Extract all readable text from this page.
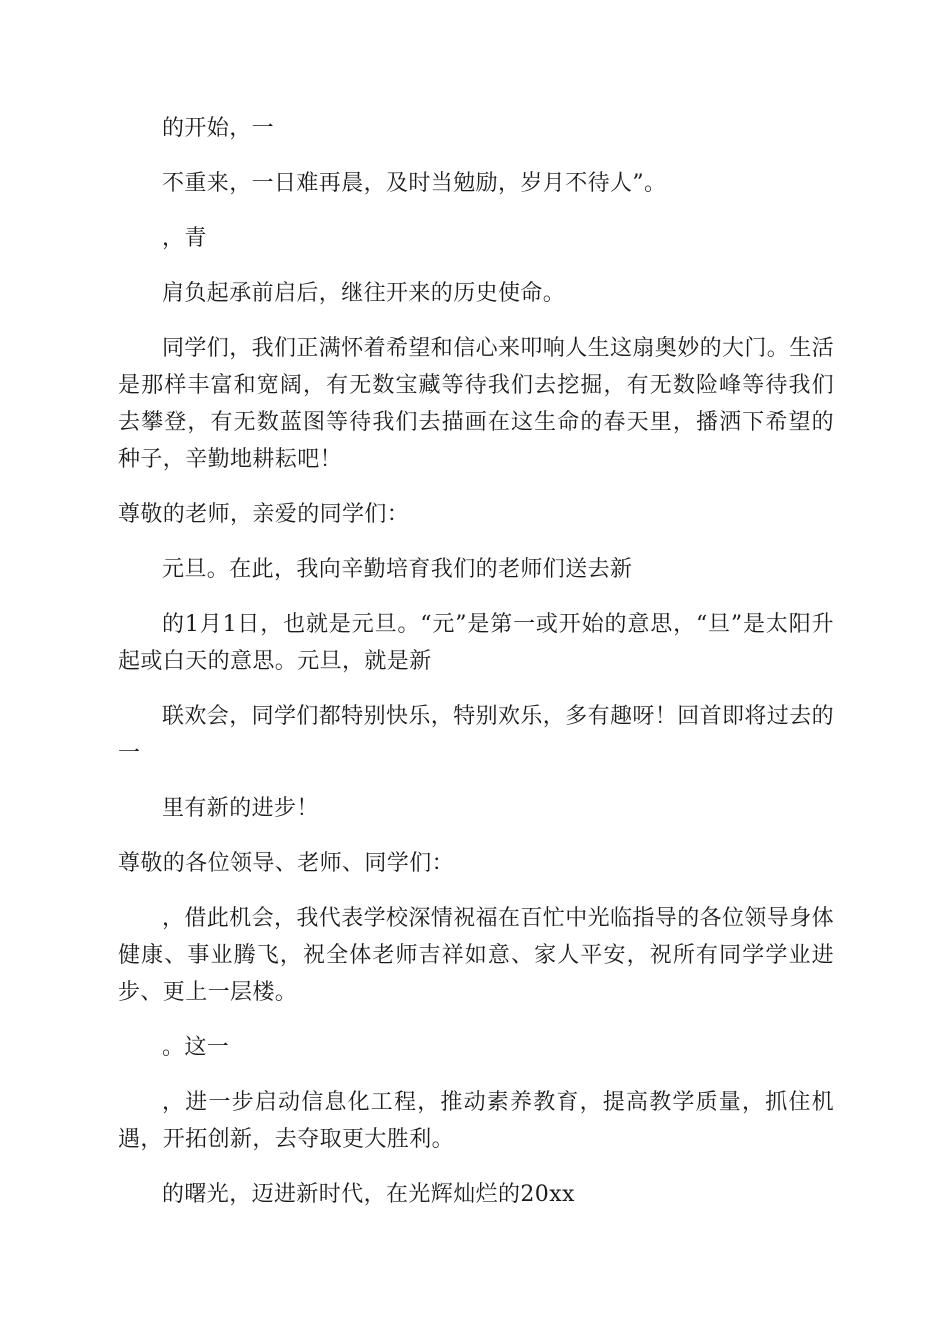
的开始，一

不重来，一日难再晨，及时当勉励，岁月不待人”。

，青

肩负起承前启后，继往开来的历史使命。

同学们，我们正满怀着希望和信心来叩响人生这扇奥妙的大门。生活是那样丰富和宽阔，有无数宝藏等待我们去挖掘，有无数险峰等待我们去攀登，有无数蓝图等待我们去描画在这生命的春天里，播洒下希望的种子，辛勤地耕耘吧！

尊敬的老师，亲爱的同学们：

元旦。在此，我向辛勤培育我们的老师们送去新

的1月1日，也就是元旦。“元”是第一或开始的意思，“旦”是太阳升起或白天的意思。元旦，就是新

联欢会，同学们都特别快乐，特别欢乐，多有趣呀！回首即将过去的一

里有新的进步！

尊敬的各位领导、老师、同学们：

，借此机会，我代表学校深情祝福在百忙中光临指导的各位领导身体健康、事业腾飞，祝全体老师吉祥如意、家人平安，祝所有同学学业进步、更上一层楼。

。这一

，进一步启动信息化工程，推动素养教育，提高教学质量，抓住机遇，开拓创新，去夺取更大胜利。

的曙光，迈进新时代，在光辉灿烂的20xx
